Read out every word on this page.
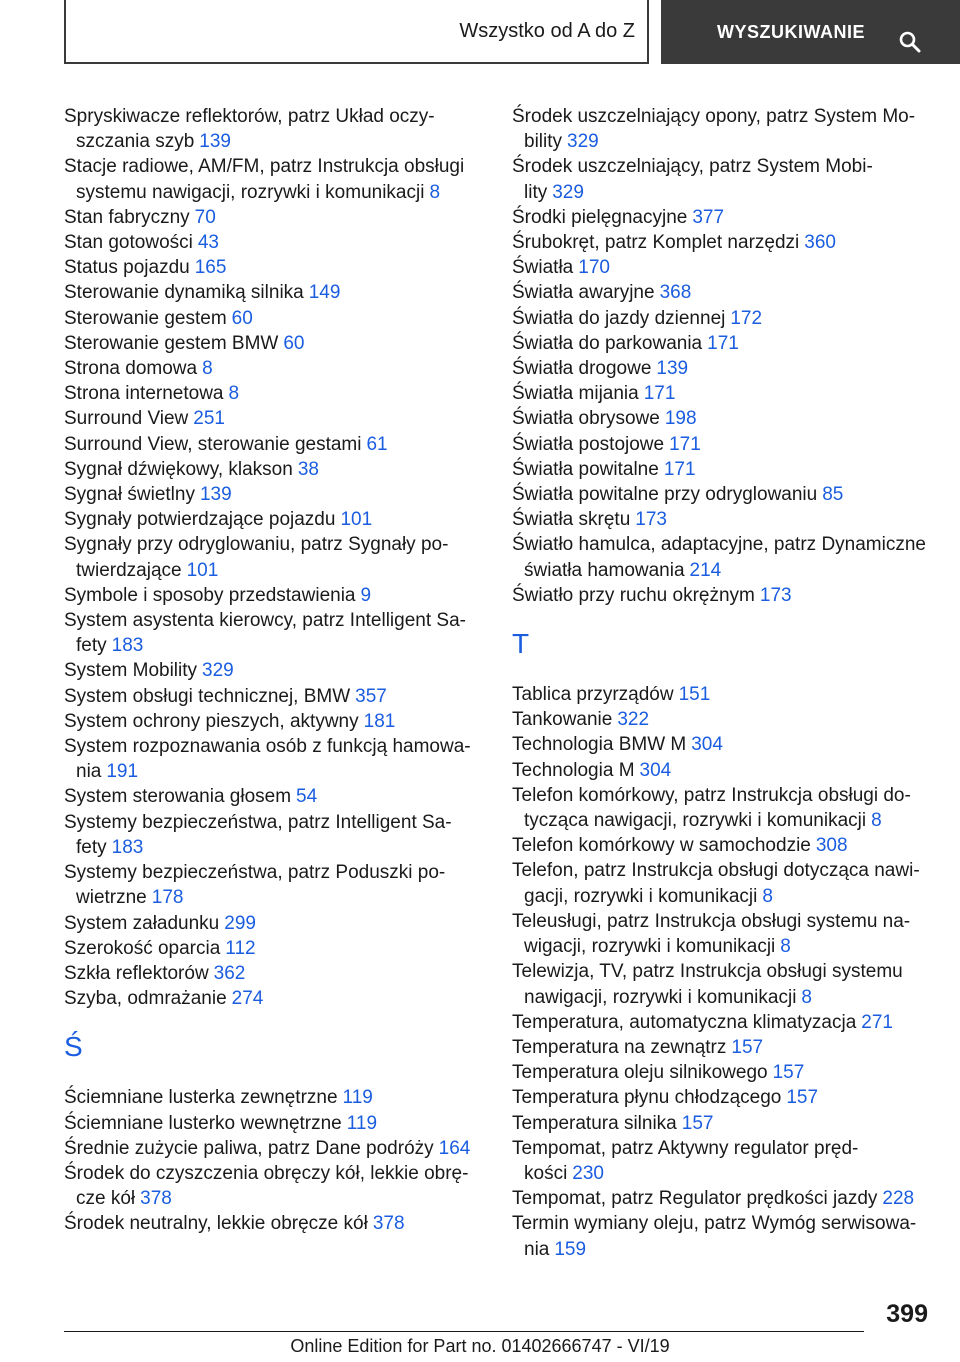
Wszystko od A do Z	WYSZUKIWANIE
Spryskiwacze reflektorów, patrz Układ oczy-
szczania szyb 139
Stacje radiowe, AM/FM, patrz Instrukcja obsługi
systemu nawigacji, rozrywki i komunikacji 8
Stan fabryczny 70
Stan gotowości 43
Status pojazdu 165
Sterowanie dynamiką silnika 149
Sterowanie gestem 60
Sterowanie gestem BMW 60
Strona domowa 8
Strona internetowa 8
Surround View 251
Surround View, sterowanie gestami 61
Sygnał dźwiękowy, klakson 38
Sygnał świetlny 139
Sygnały potwierdzające pojazdu 101
Sygnały przy odryglowaniu, patrz Sygnały po-
twierdzające 101
Symbole i sposoby przedstawienia 9
System asystenta kierowcy, patrz Intelligent Sa-
fety 183
System Mobility 329
System obsługi technicznej, BMW 357
System ochrony pieszych, aktywny 181
System rozpoznawania osób z funkcją hamowa-
nia 191
System sterowania głosem 54
Systemy bezpieczeństwa, patrz Intelligent Sa-
fety 183
Systemy bezpieczeństwa, patrz Poduszki po-
wietrzne 178
System załadunku 299
Szerokość oparcia 112
Szkła reflektorów 362
Szyba, odmrażanie 274
Ś
Ściemniane lusterka zewnętrzne 119
Ściemniane lusterko wewnętrzne 119
Średnie zużycie paliwa, patrz Dane podróży 164
Środek do czyszczenia obręczy kół, lekkie obrę-
cze kół 378
Środek neutralny, lekkie obręcze kół 378
Środek uszczelniający opony, patrz System Mo-
bility 329
Środek uszczelniający, patrz System Mobi-
lity 329
Środki pielęgnacyjne 377
Śrubokręt, patrz Komplet narzędzi 360
Światła 170
Światła awaryjne 368
Światła do jazdy dziennej 172
Światła do parkowania 171
Światła drogowe 139
Światła mijania 171
Światła obrysowe 198
Światła postojowe 171
Światła powitalne 171
Światła powitalne przy odryglowaniu 85
Światła skrętu 173
Światło hamulca, adaptacyjne, patrz Dynamiczne
światła hamowania 214
Światło przy ruchu okrężnym 173
T
Tablica przyrządów 151
Tankowanie 322
Technologia BMW M 304
Technologia M 304
Telefon komórkowy, patrz Instrukcja obsługi do-
tycząca nawigacji, rozrywki i komunikacji 8
Telefon komórkowy w samochodzie 308
Telefon, patrz Instrukcja obsługi dotycząca nawi-
gacji, rozrywki i komunikacji 8
Teleusługi, patrz Instrukcja obsługi systemu na-
wigacji, rozrywki i komunikacji 8
Telewizja, TV, patrz Instrukcja obsługi systemu
nawigacji, rozrywki i komunikacji 8
Temperatura, automatyczna klimatyzacja 271
Temperatura na zewnątrz 157
Temperatura oleju silnikowego 157
Temperatura płynu chłodzącego 157
Temperatura silnika 157
Tempomat, patrz Aktywny regulator pręd-
kości 230
Tempomat, patrz Regulator prędkości jazdy 228
Termin wymiany oleju, patrz Wymóg serwisowa-
nia 159
399
Online Edition for Part no. 01402666747 - VI/19
